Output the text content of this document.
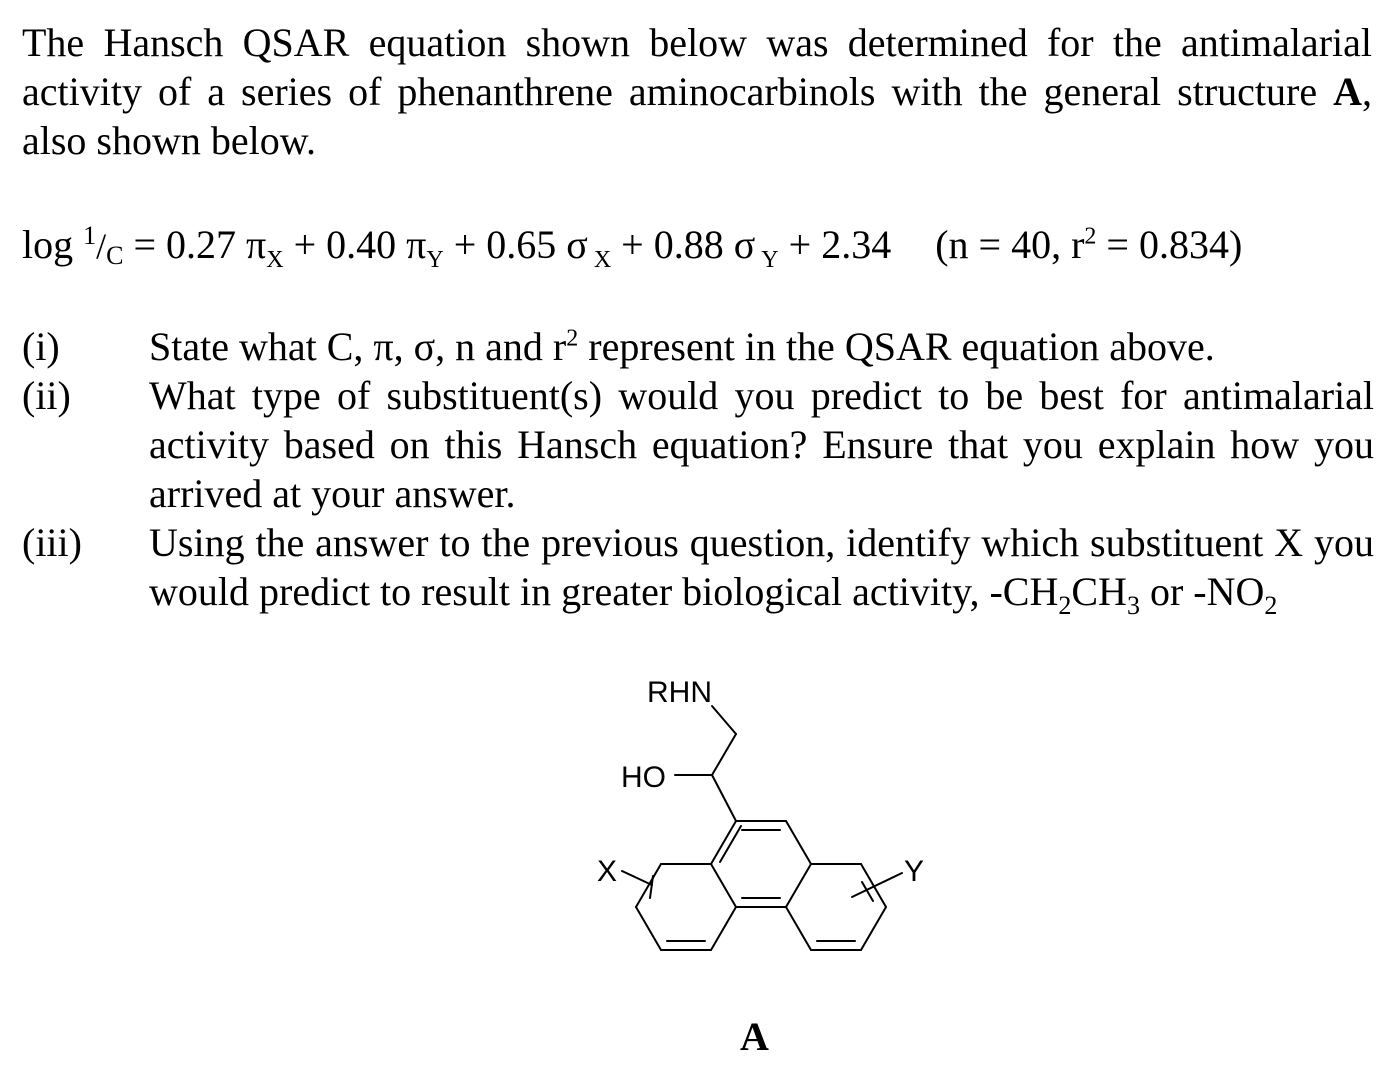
The Hansch QSAR equation shown below was determined for the antimalarial activity of a series of phenanthrene aminocarbinols with the general structure A, also shown below.
log $^1$/C = 0.27 $\pi_X + 0.40$ $\pi_Y + 0.65$ σ $_X$ + 0.88 σ $_Y$ + 2.34 (n = 40, $r^2 = 0.834$)
(i)	State what C, π, σ, n and $r^2$ represent in the QSAR equation above.
(ii)	What type of substituent(s) would you predict to be best for antimalarial activity based on this Hansch equation? Ensure that you explain how you arrived at your answer.
(iii)	Using the answer to the previous question, identify which substituent X you would predict to result in greater biological activity, $-CH_2CH_3$ or $-NO_2$
RHN
HO
X	Y
A
